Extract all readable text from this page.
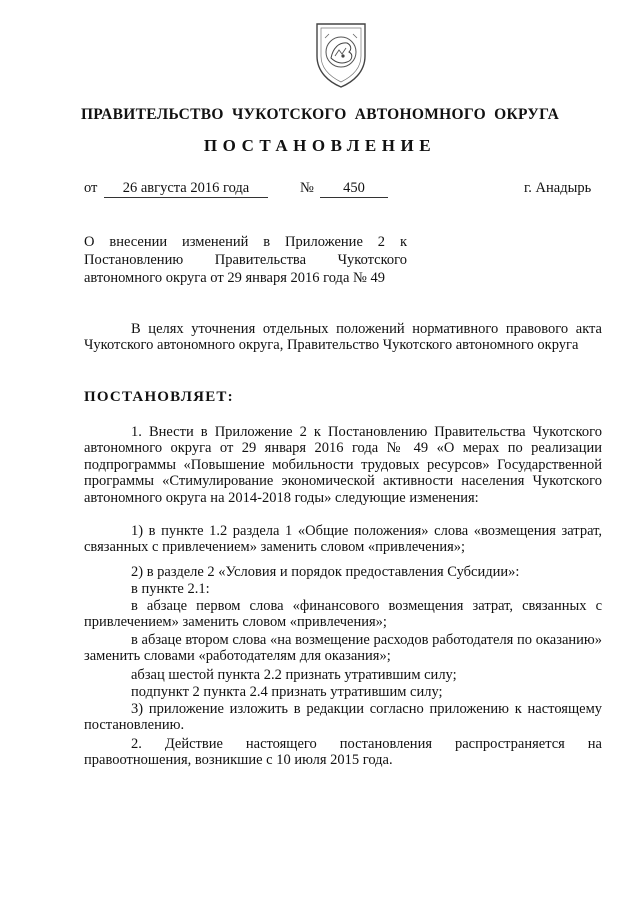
ПРАВИТЕЛЬСТВО ЧУКОТСКОГО АВТОНОМНОГО ОКРУГА
ПОСТАНОВЛЕНИЕ
от	26 августа 2016 года	№	450	г. Анадырь
О внесении изменений в Приложение 2 к Постановлению Правительства Чукотского автономного округа от 29 января 2016 года № 49
В целях уточнения отдельных положений нормативного правового акта Чукотского автономного округа, Правительство Чукотского автономного округа
ПОСТАНОВЛЯЕТ:
1. Внести в Приложение 2 к Постановлению Правительства Чукотского автономного округа от 29 января 2016 года № 49 «О мерах по реализации подпрограммы «Повышение мобильности трудовых ресурсов» Государственной программы «Стимулирование экономической активности населения Чукотского автономного округа на 2014-2018 годы» следующие изменения:
1) в пункте 1.2 раздела 1 «Общие положения» слова «возмещения затрат, связанных с привлечением» заменить словом «привлечения»;
2) в разделе 2 «Условия и порядок предоставления Субсидии»:
в пункте 2.1:
в абзаце первом слова «финансового возмещения затрат, связанных с привлечением» заменить словом «привлечения»;
в абзаце втором слова «на возмещение расходов работодателя по оказанию» заменить словами «работодателям для оказания»;
абзац шестой пункта 2.2 признать утратившим силу;
подпункт 2 пункта 2.4 признать утратившим силу;
3) приложение изложить в редакции согласно приложению к настоящему постановлению.
2. Действие настоящего постановления распространяется на правоотношения, возникшие с 10 июля 2015 года.
